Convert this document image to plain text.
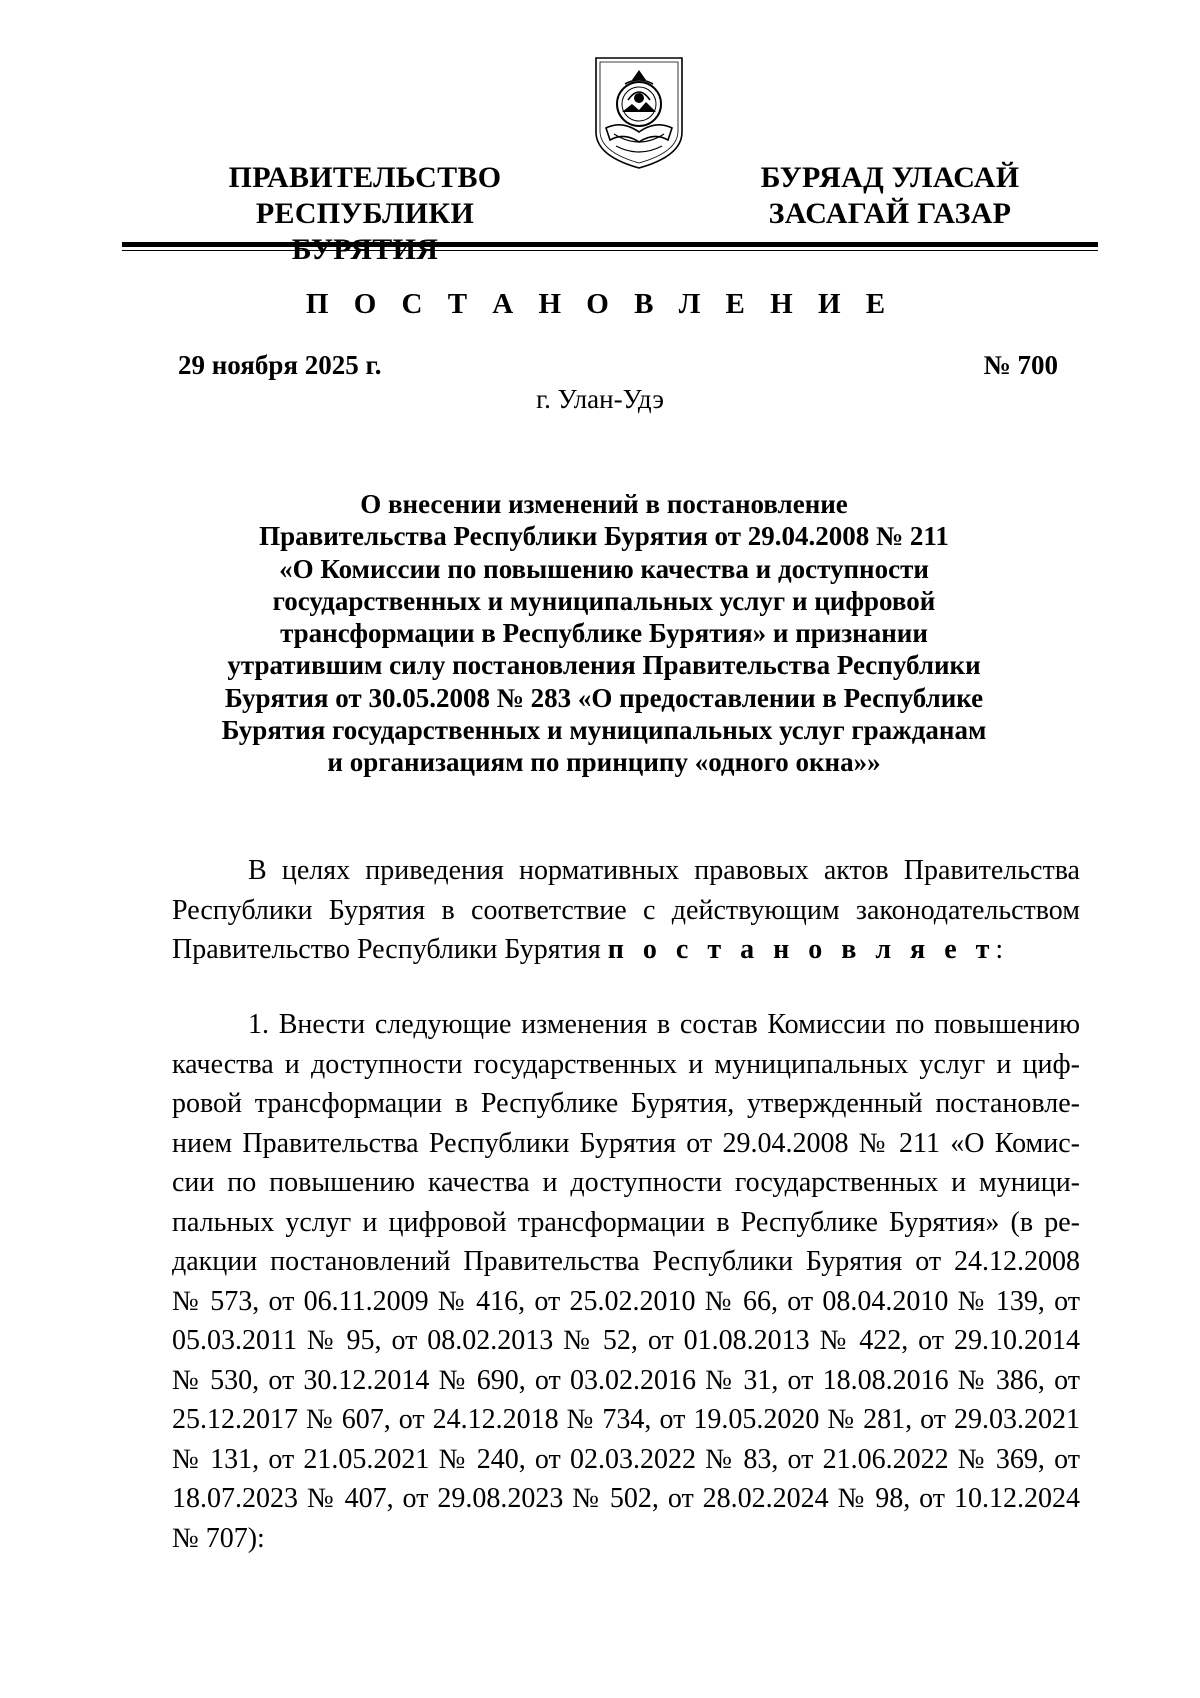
ПРАВИТЕЛЬСТВО
РЕСПУБЛИКИ
БУРЯАД УЛАСАЙ
ЗАСАГАЙ ГАЗАР
П О С Т А Н О В Л Е Н И Е
29 ноября 2025 г.	№ 700
г. Улан-Удэ
О внесении изменений в постановление
Правительства Республики Бурятия от 29.04.2008 № 211
«О Комиссии по повышению качества и доступности
государственных и муниципальных услуг и цифровой
трансформации в Республике Бурятия» и признании
утратившим силу постановления Правительства Республики
Бурятия от 30.05.2008 № 283 «О предоставлении в Республике
Бурятия государственных и муниципальных услуг гражданам
и организациям по принципу «одного окна»»
В целях приведения нормативных правовых актов Правительства
Республики Бурятия в соответствие с действующим законодательством
Правительство Республики Бурятия п о с т а н о в л я е т:
1. Внести следующие изменения в состав Комиссии по повышению
качества и доступности государственных и муниципальных услуг и циф-
ровой трансформации в Республике Бурятия, утвержденный постановле-
нием Правительства Республики Бурятия от 29.04.2008 № 211 «О Комис-
сии по повышению качества и доступности государственных и муници-
пальных услуг и цифровой трансформации в Республике Бурятия» (в ре-
дакции постановлений Правительства Республики Бурятия от 24.12.2008
№ 573, от 06.11.2009 № 416, от 25.02.2010 № 66, от 08.04.2010 № 139, от
05.03.2011 № 95, от 08.02.2013 № 52, от 01.08.2013 № 422, от 29.10.2014
№ 530, от 30.12.2014 № 690, от 03.02.2016 № 31, от 18.08.2016 № 386, от
25.12.2017 № 607, от 24.12.2018 № 734, от 19.05.2020 № 281, от 29.03.2021
№ 131, от 21.05.2021 № 240, от 02.03.2022 № 83, от 21.06.2022 № 369, от
18.07.2023 № 407, от 29.08.2023 № 502, от 28.02.2024 № 98, от 10.12.2024
№ 707):
